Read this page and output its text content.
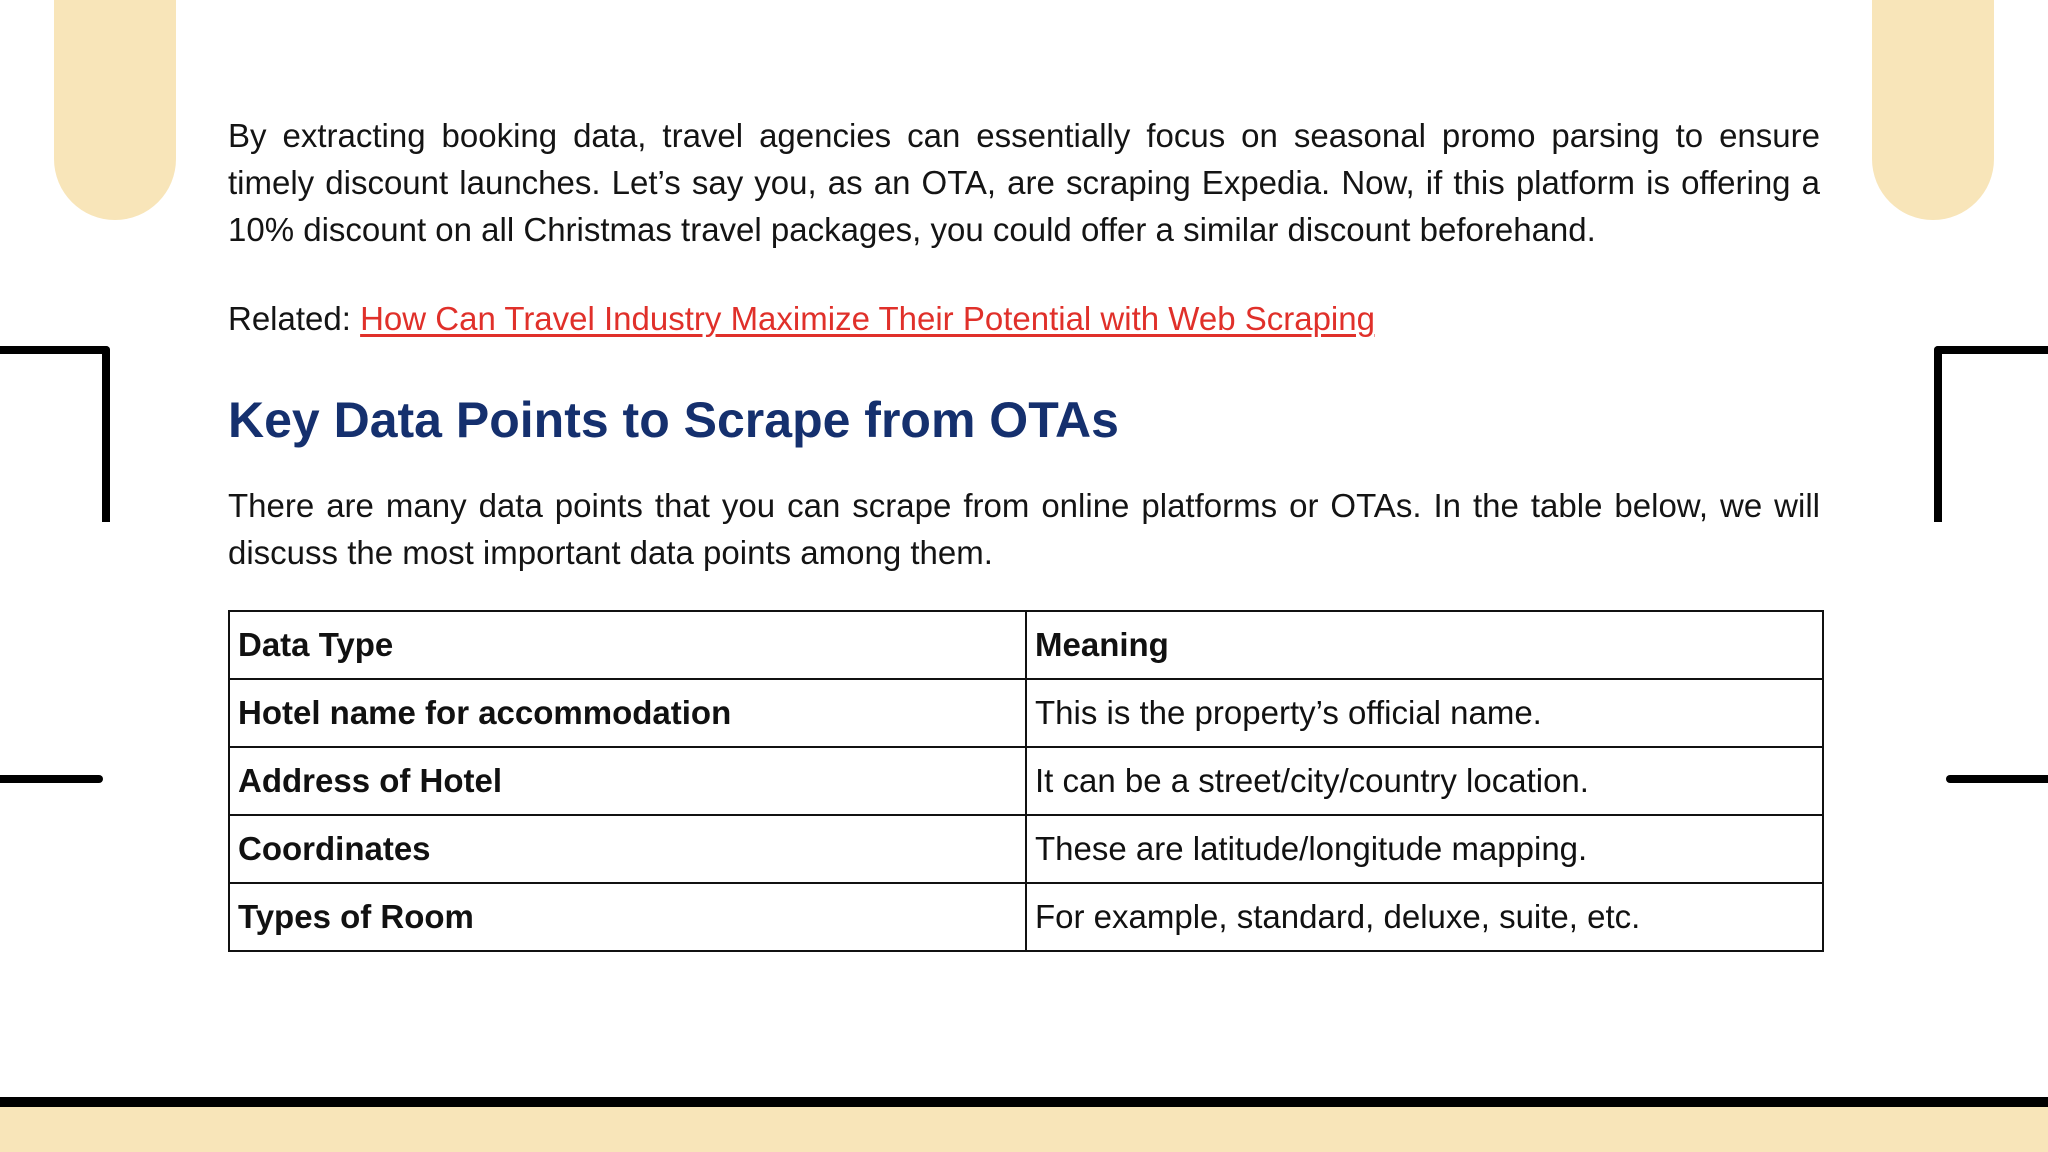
By extracting booking data, travel agencies can essentially focus on seasonal promo parsing to ensure timely discount launches. Let’s say you, as an OTA, are scraping Expedia. Now, if this platform is offering a 10% discount on all Christmas travel packages, you could offer a similar discount beforehand.

Related: How Can Travel Industry Maximize Their Potential with Web Scraping

Key Data Points to Scrape from OTAs

There are many data points that you can scrape from online platforms or OTAs. In the table below, we will discuss the most important data points among them.

Data Type	Meaning
Hotel name for accommodation	This is the property’s official name.
Address of Hotel	It can be a street/city/country location.
Coordinates	These are latitude/longitude mapping.
Types of Room	For example, standard, deluxe, suite, etc.
